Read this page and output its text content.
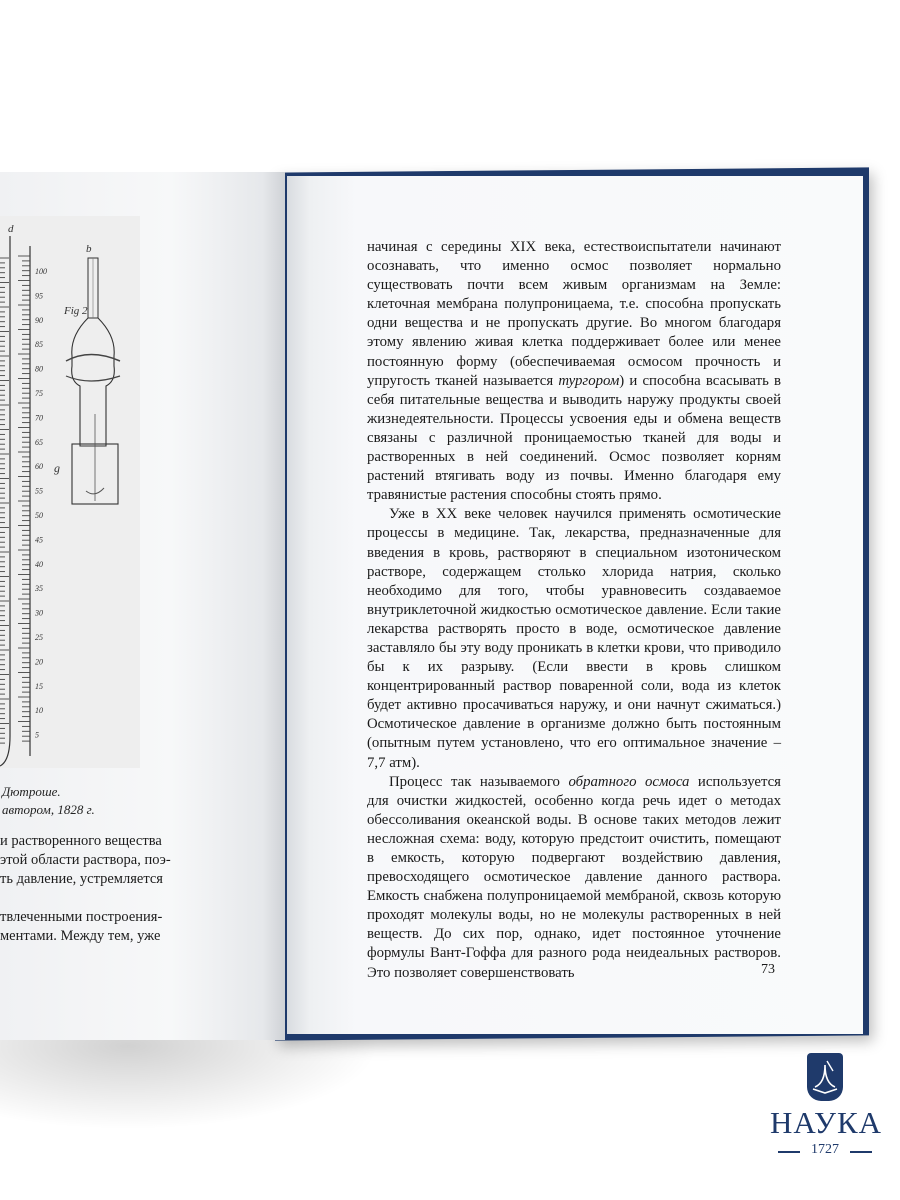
d
b
Fig 2
g
100
95
90
85
80
75
70
65
60
55
50
45
40
35
30
25
20
15
10
5
Дютроше.
автором, 1828 г.
и растворенного вещества
этой области раствора, поэ-
ть давление, устремляется
твлеченными построения-
ментами. Между тем, уже

начиная с середины XIX века, естествоиспытатели начинают осознавать, что именно осмос позволяет нормально существовать почти всем живым организмам на Земле: клеточная мембрана полупроницаема, т.е. способна пропускать одни вещества и не пропускать другие. Во многом благодаря этому явлению живая клетка поддерживает более или менее постоянную форму (обеспечиваемая осмосом прочность и упругость тканей называется тургором) и способна всасывать в себя питательные вещества и выводить наружу продукты своей жизнедеятельности. Процессы усвоения еды и обмена веществ связаны с различной проницаемостью тканей для воды и растворенных в ней соединений. Осмос позволяет корням растений втягивать воду из почвы. Именно благодаря ему травянистые растения способны стоять прямо.

Уже в XX веке человек научился применять осмотические процессы в медицине. Так, лекарства, предназначенные для введения в кровь, растворяют в специальном изотоническом растворе, содержащем столько хлорида натрия, сколько необходимо для того, чтобы уравновесить создаваемое внутриклеточной жидкостью осмотическое давление. Если такие лекарства растворять просто в воде, осмотическое давление заставляло бы эту воду проникать в клетки крови, что приводило бы к их разрыву. (Если ввести в кровь слишком концентрированный раствор поваренной соли, вода из клеток будет активно просачиваться наружу, и они начнут сжиматься.) Осмотическое давление в организме должно быть постоянным (опытным путем установлено, что его оптимальное значение – 7,7 атм).

Процесс так называемого обратного осмоса используется для очистки жидкостей, особенно когда речь идет о методах обессоливания океанской воды. В основе таких методов лежит несложная схема: воду, которую предстоит очистить, помещают в емкость, которую подвергают воздействию давления, превосходящего осмотическое давление данного раствора. Емкость снабжена полупроницаемой мембраной, сквозь которую проходят молекулы воды, но не молекулы растворенных в ней веществ. До сих пор, однако, идет постоянное уточнение формулы Вант-Гоффа для разного рода неидеальных растворов. Это позволяет совершенствовать	73
НАУКА
1727
